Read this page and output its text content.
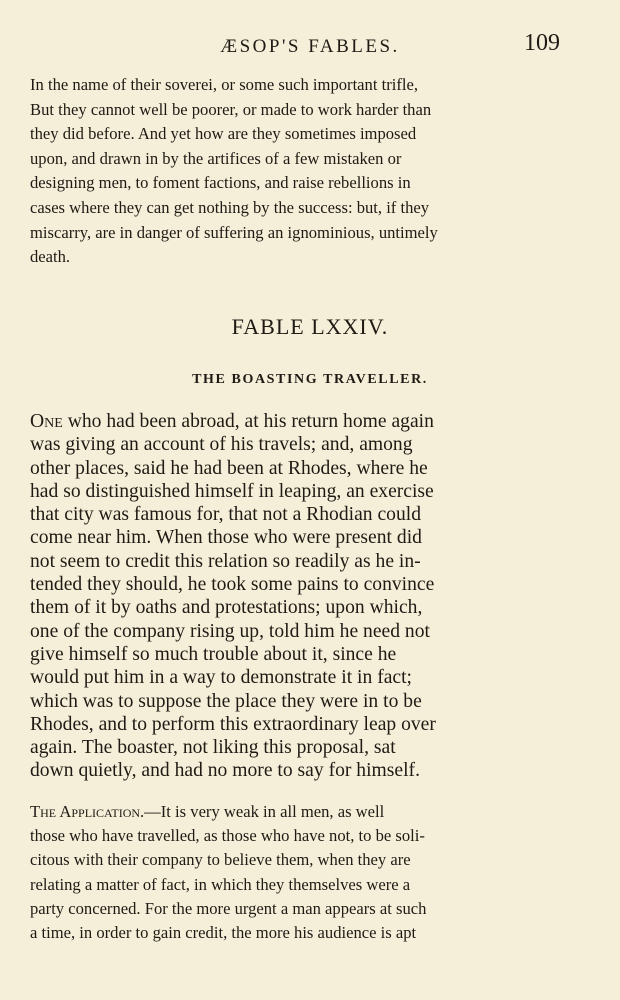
ÆSOP'S FABLES.	109

In the name of their soverei, or some such important trifle,
But they cannot well be poorer, or made to work harder than
they did before. And yet how are they sometimes imposed
upon, and drawn in by the artifices of a few mistaken or
designing men, to foment factions, and raise rebellions in
cases where they can get nothing by the success: but, if they
miscarry, are in danger of suffering an ignominious, untimely
death.

FABLE LXXIV.
THE BOASTING TRAVELLER.

One who had been abroad, at his return home again
was giving an account of his travels; and, among
other places, said he had been at Rhodes, where he
had so distinguished himself in leaping, an exercise
that city was famous for, that not a Rhodian could
come near him. When those who were present did
not seem to credit this relation so readily as he in-
tended they should, he took some pains to convince
them of it by oaths and protestations; upon which,
one of the company rising up, told him he need not
give himself so much trouble about it, since he
would put him in a way to demonstrate it in fact;
which was to suppose the place they were in to be
Rhodes, and to perform this extraordinary leap over
again. The boaster, not liking this proposal, sat
down quietly, and had no more to say for himself.

The Application.—It is very weak in all men, as well
those who have travelled, as those who have not, to be soli-
citous with their company to believe them, when they are
relating a matter of fact, in which they themselves were a
party concerned. For the more urgent a man appears at such
a time, in order to gain credit, the more his audience is apt
